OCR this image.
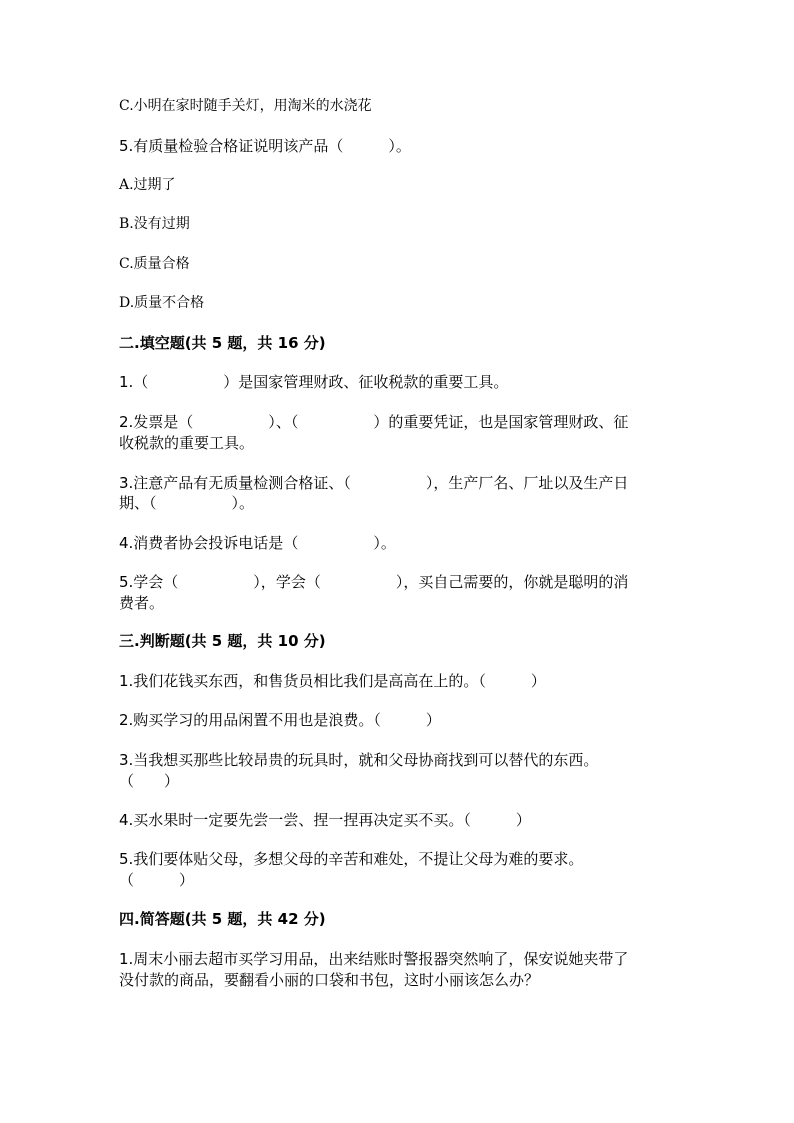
C.小明在家时随手关灯，用淘米的水浇花
5.有质量检验合格证说明该产品（　　　）。
A.过期了
B.没有过期
C.质量合格
D.质量不合格
二.填空题(共 5 题，共 16 分)
1.（　　　　　）是国家管理财政、征收税款的重要工具。
2.发票是（　　　　　）、（　　　　　）的重要凭证，也是国家管理财政、征
收税款的重要工具。
3.注意产品有无质量检测合格证、（　　　　　），生产厂名、厂址以及生产日
期、（　　　　　）。
4.消费者协会投诉电话是（　　　　　）。
5.学会（　　　　　），学会（　　　　　），买自己需要的，你就是聪明的消
费者。
三.判断题(共 5 题，共 10 分)
1.我们花钱买东西，和售货员相比我们是高高在上的。（　　　）
2.购买学习的用品闲置不用也是浪费。（　　　）
3.当我想买那些比较昂贵的玩具时，就和父母协商找到可以替代的东西。
（　　）
4.买水果时一定要先尝一尝、捏一捏再决定买不买。（　　　）
5.我们要体贴父母，多想父母的辛苦和难处，不提让父母为难的要求。
（　　　）
四.简答题(共 5 题，共 42 分)
1.周末小丽去超市买学习用品，出来结账时警报器突然响了，保安说她夹带了
没付款的商品，要翻看小丽的口袋和书包，这时小丽该怎么办？
